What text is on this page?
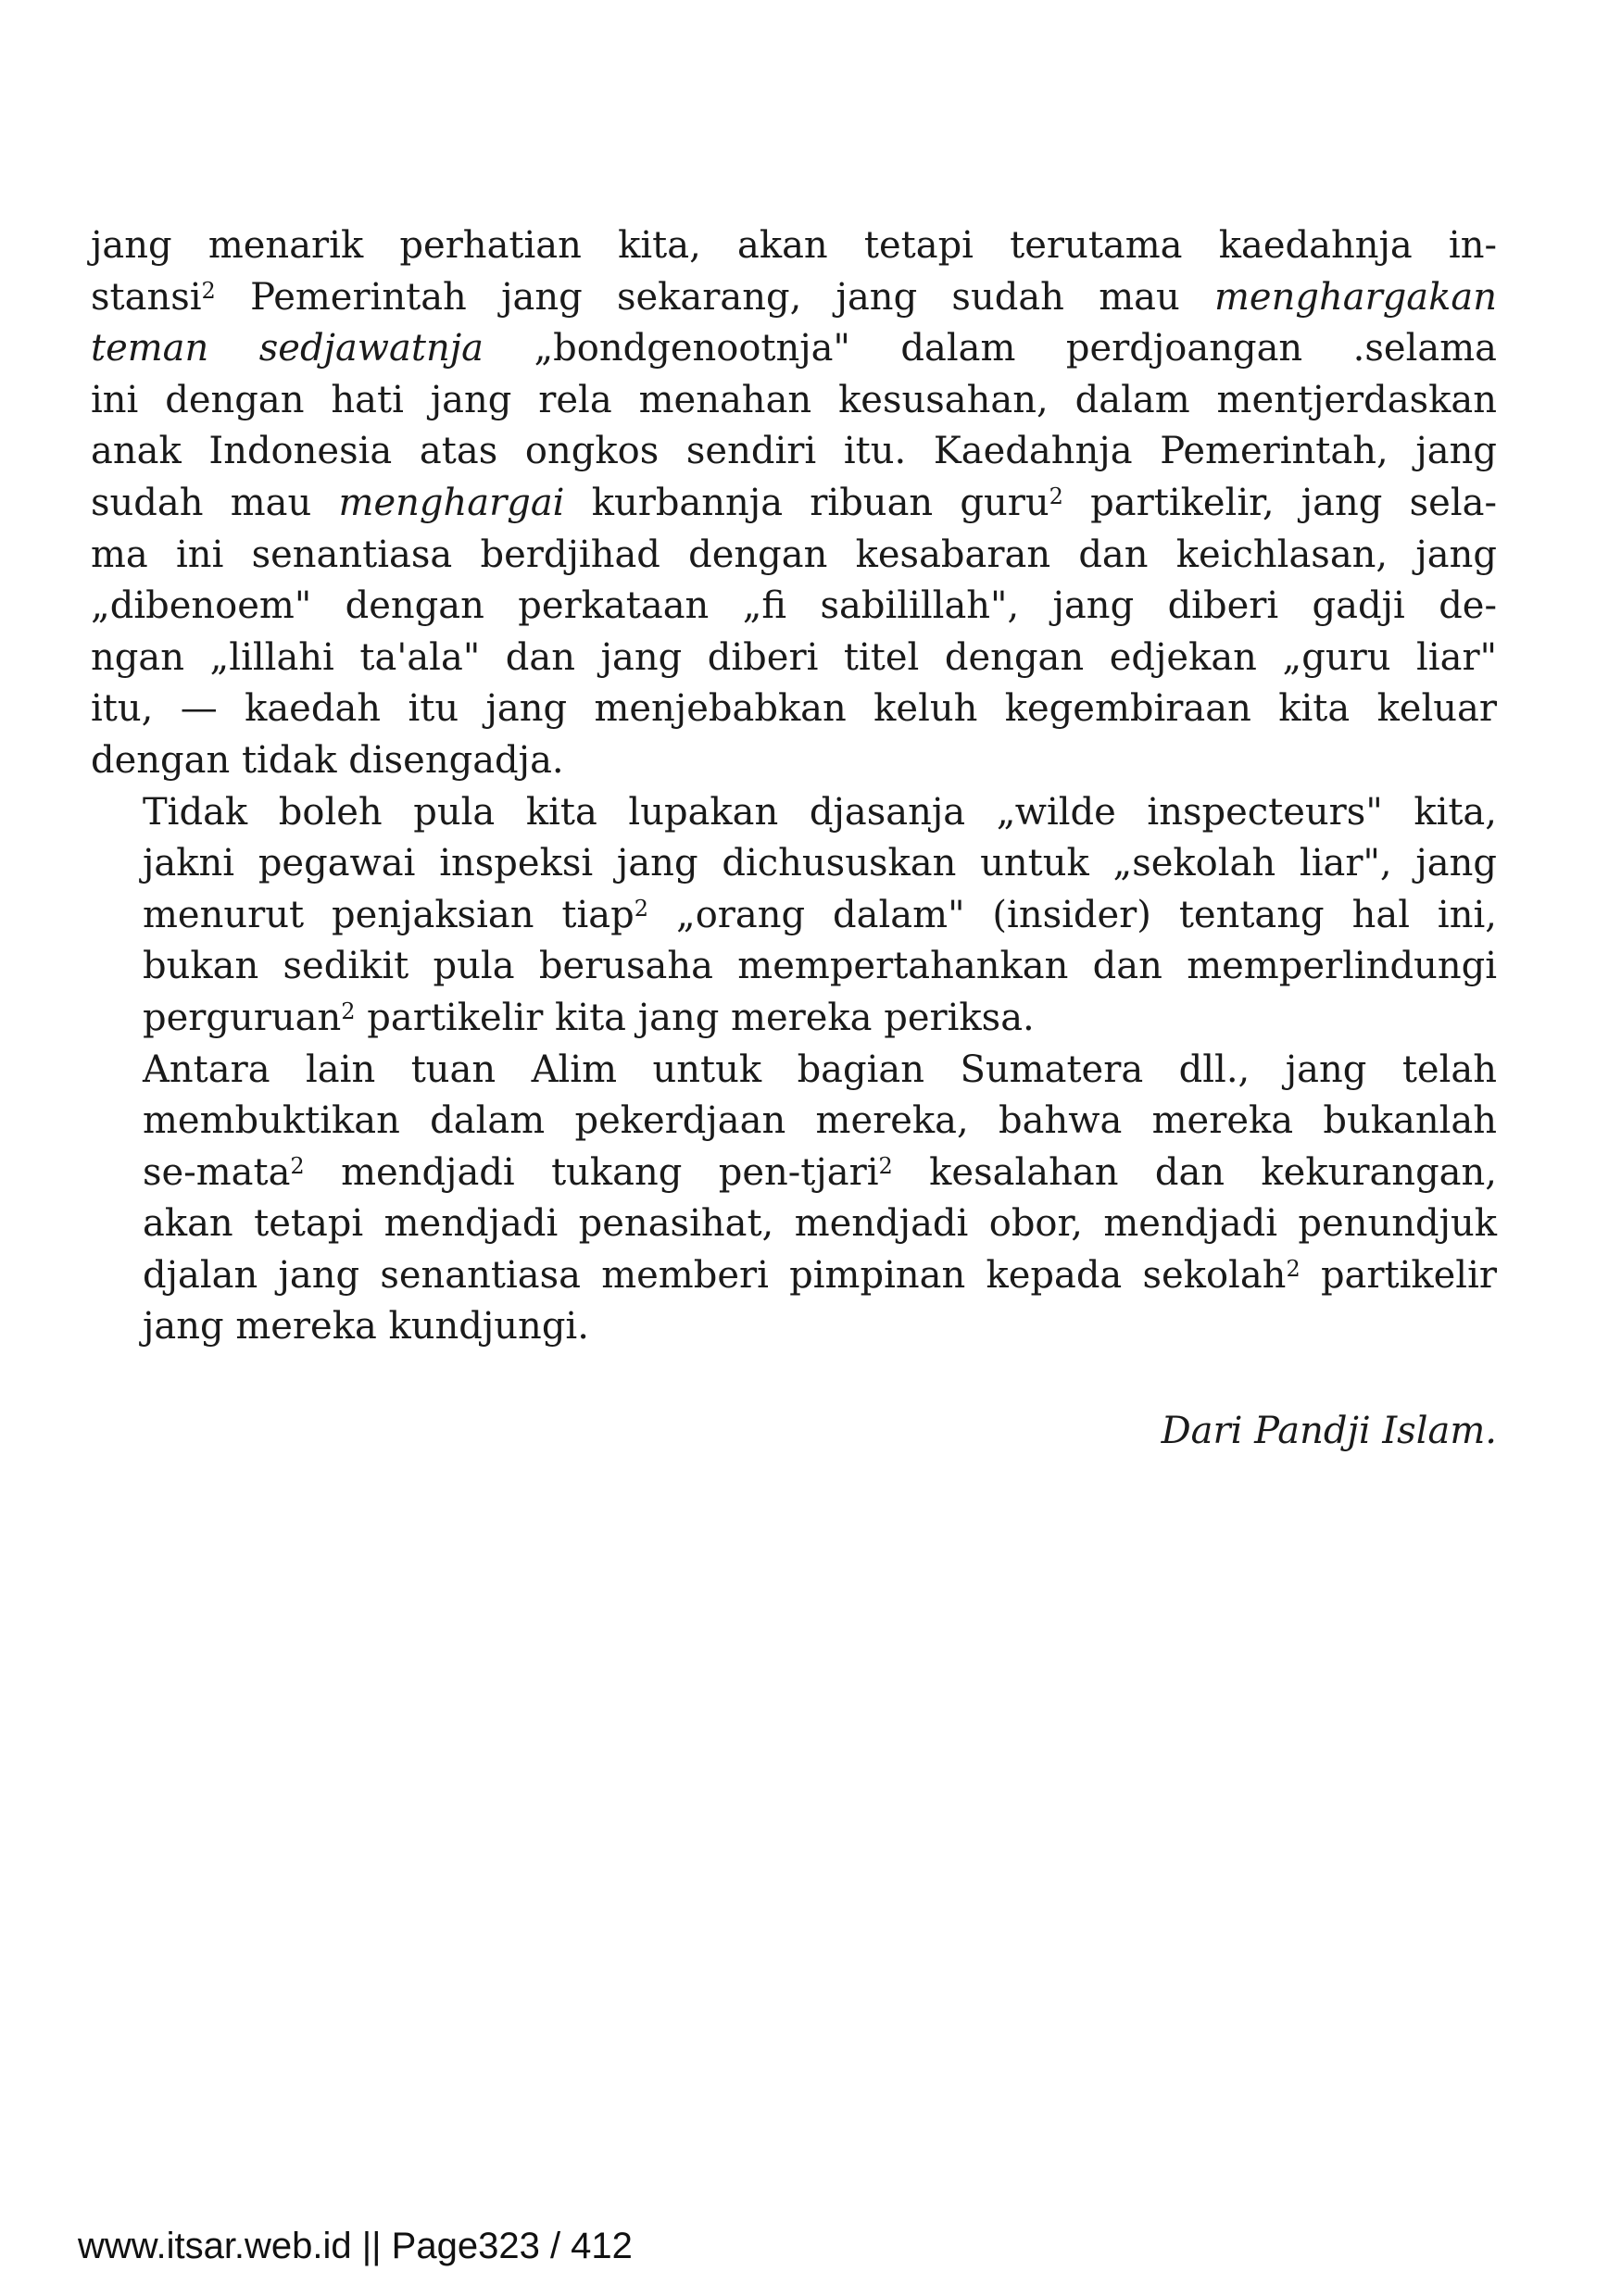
jang menarik perhatian kita, akan tetapi terutama kaedahnja in-
stansi$^2$ Pemerintah jang sekarang, jang sudah mau menghargakan
teman sedjawatnja „bondgenootnja" dalam perdjoangan .selama
ini dengan hati jang rela menahan kesusahan, dalam mentjerdaskan
anak Indonesia atas ongkos sendiri itu. Kaedahnja Pemerintah, jang
sudah mau menghargai kurbannja ribuan guru$^2$ partikelir, jang sela-
ma ini senantiasa berdjihad dengan kesabaran dan keichlasan, jang
„dibenoem" dengan perkataan „fi sabilillah", jang diberi gadji de-
ngan „lillahi ta'ala" dan jang diberi titel dengan edjekan „guru liar"
itu, — kaedah itu jang menjebabkan keluh kegembiraan kita keluar
dengan tidak disengadja.

Tidak boleh pula kita lupakan djasanja „wilde inspecteurs" kita,
jakni pegawai inspeksi jang dichususkan untuk „sekolah liar", jang
menurut penjaksian tiap$^2$ „orang dalam" (insider) tentang hal ini,
bukan sedikit pula berusaha mempertahankan dan memperlindungi
perguruan$^2$ partikelir kita jang mereka periksa.

Antara lain tuan Alim untuk bagian Sumatera dll., jang telah
membuktikan dalam pekerdjaan mereka, bahwa mereka bukanlah
se-mata$^2$ mendjadi tukang pen-tjari$^2$ kesalahan dan kekurangan,
akan tetapi mendjadi penasihat, mendjadi obor, mendjadi penundjuk
djalan jang senantiasa memberi pimpinan kepada sekolah$^2$ partikelir
jang mereka kundjungi.

Dari Pandji Islam.
www.itsar.web.id || Page323 / 412
